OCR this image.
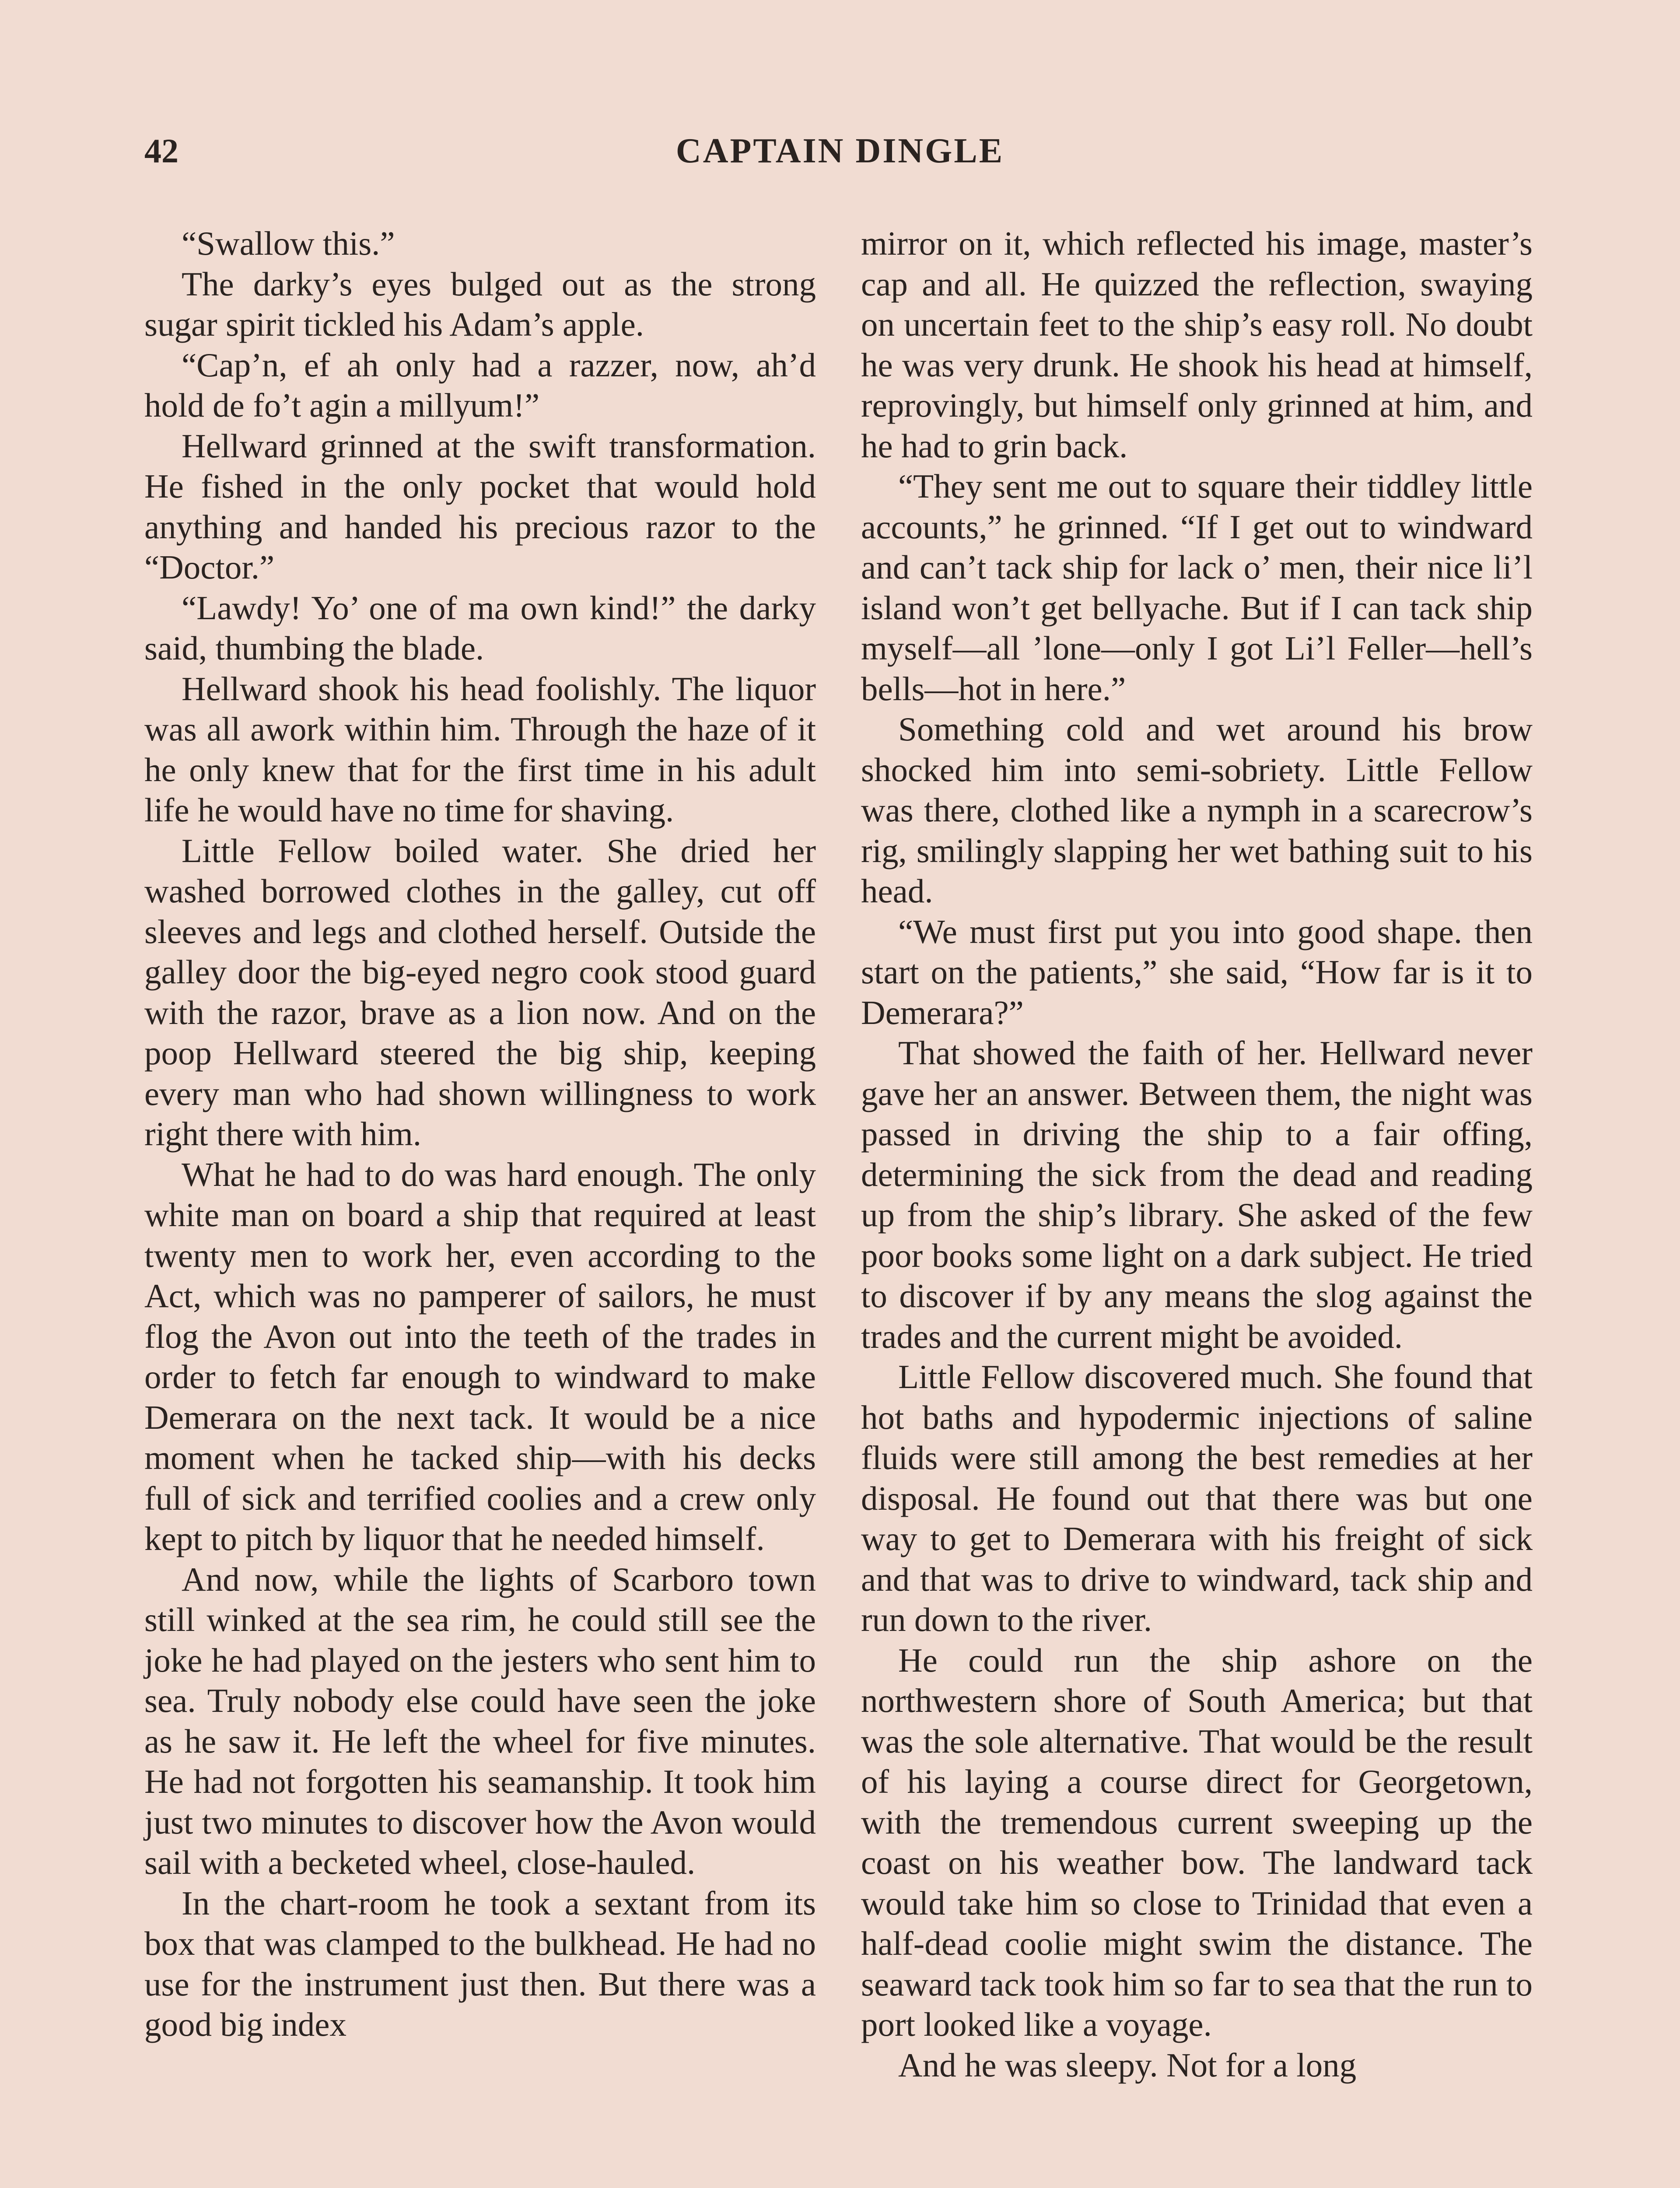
42	CAPTAIN DINGLE

“Swallow this.”

The darky’s eyes bulged out as the strong sugar spirit tickled his Adam’s apple.

“Cap’n, ef ah only had a razzer, now, ah’d hold de fo’t agin a millyum!”

Hellward grinned at the swift transformation. He fished in the only pocket that would hold anything and handed his precious razor to the “Doctor.”

“Lawdy! Yo’ one of ma own kind!” the darky said, thumbing the blade.

Hellward shook his head foolishly. The liquor was all awork within him. Through the haze of it he only knew that for the first time in his adult life he would have no time for shaving.

Little Fellow boiled water. She dried her washed borrowed clothes in the galley, cut off sleeves and legs and clothed herself. Outside the galley door the big-eyed negro cook stood guard with the razor, brave as a lion now. And on the poop Hellward steered the big ship, keeping every man who had shown willingness to work right there with him.

What he had to do was hard enough. The only white man on board a ship that required at least twenty men to work her, even according to the Act, which was no pamperer of sailors, he must flog the Avon out into the teeth of the trades in order to fetch far enough to windward to make Demerara on the next tack. It would be a nice moment when he tacked ship—with his decks full of sick and terrified coolies and a crew only kept to pitch by liquor that he needed himself.

And now, while the lights of Scarboro town still winked at the sea rim, he could still see the joke he had played on the jesters who sent him to sea. Truly nobody else could have seen the joke as he saw it. He left the wheel for five minutes. He had not forgotten his seamanship. It took him just two minutes to discover how the Avon would sail with a becketed wheel, close-hauled.

In the chart-room he took a sextant from its box that was clamped to the bulkhead. He had no use for the instrument just then. But there was a good big index

mirror on it, which reflected his image, master’s cap and all. He quizzed the reflection, swaying on uncertain feet to the ship’s easy roll. No doubt he was very drunk. He shook his head at himself, reprovingly, but himself only grinned at him, and he had to grin back.

“They sent me out to square their tiddley little accounts,” he grinned. “If I get out to windward and can’t tack ship for lack o’ men, their nice li’l island won’t get bellyache. But if I can tack ship myself—all ’lone—only I got Li’l Feller—hell’s bells—hot in here.”

Something cold and wet around his brow shocked him into semi-sobriety. Little Fellow was there, clothed like a nymph in a scarecrow’s rig, smilingly slapping her wet bathing suit to his head.

“We must first put you into good shape. then start on the patients,” she said, “How far is it to Demerara?”

That showed the faith of her. Hellward never gave her an answer. Between them, the night was passed in driving the ship to a fair offing, determining the sick from the dead and reading up from the ship’s library. She asked of the few poor books some light on a dark subject. He tried to discover if by any means the slog against the trades and the current might be avoided.

Little Fellow discovered much. She found that hot baths and hypodermic injections of saline fluids were still among the best remedies at her disposal. He found out that there was but one way to get to Demerara with his freight of sick and that was to drive to windward, tack ship and run down to the river.

He could run the ship ashore on the northwestern shore of South America; but that was the sole alternative. That would be the result of his laying a course direct for Georgetown, with the tremendous current sweeping up the coast on his weather bow. The landward tack would take him so close to Trinidad that even a half-dead coolie might swim the distance. The seaward tack took him so far to sea that the run to port looked like a voyage.

And he was sleepy. Not for a long
